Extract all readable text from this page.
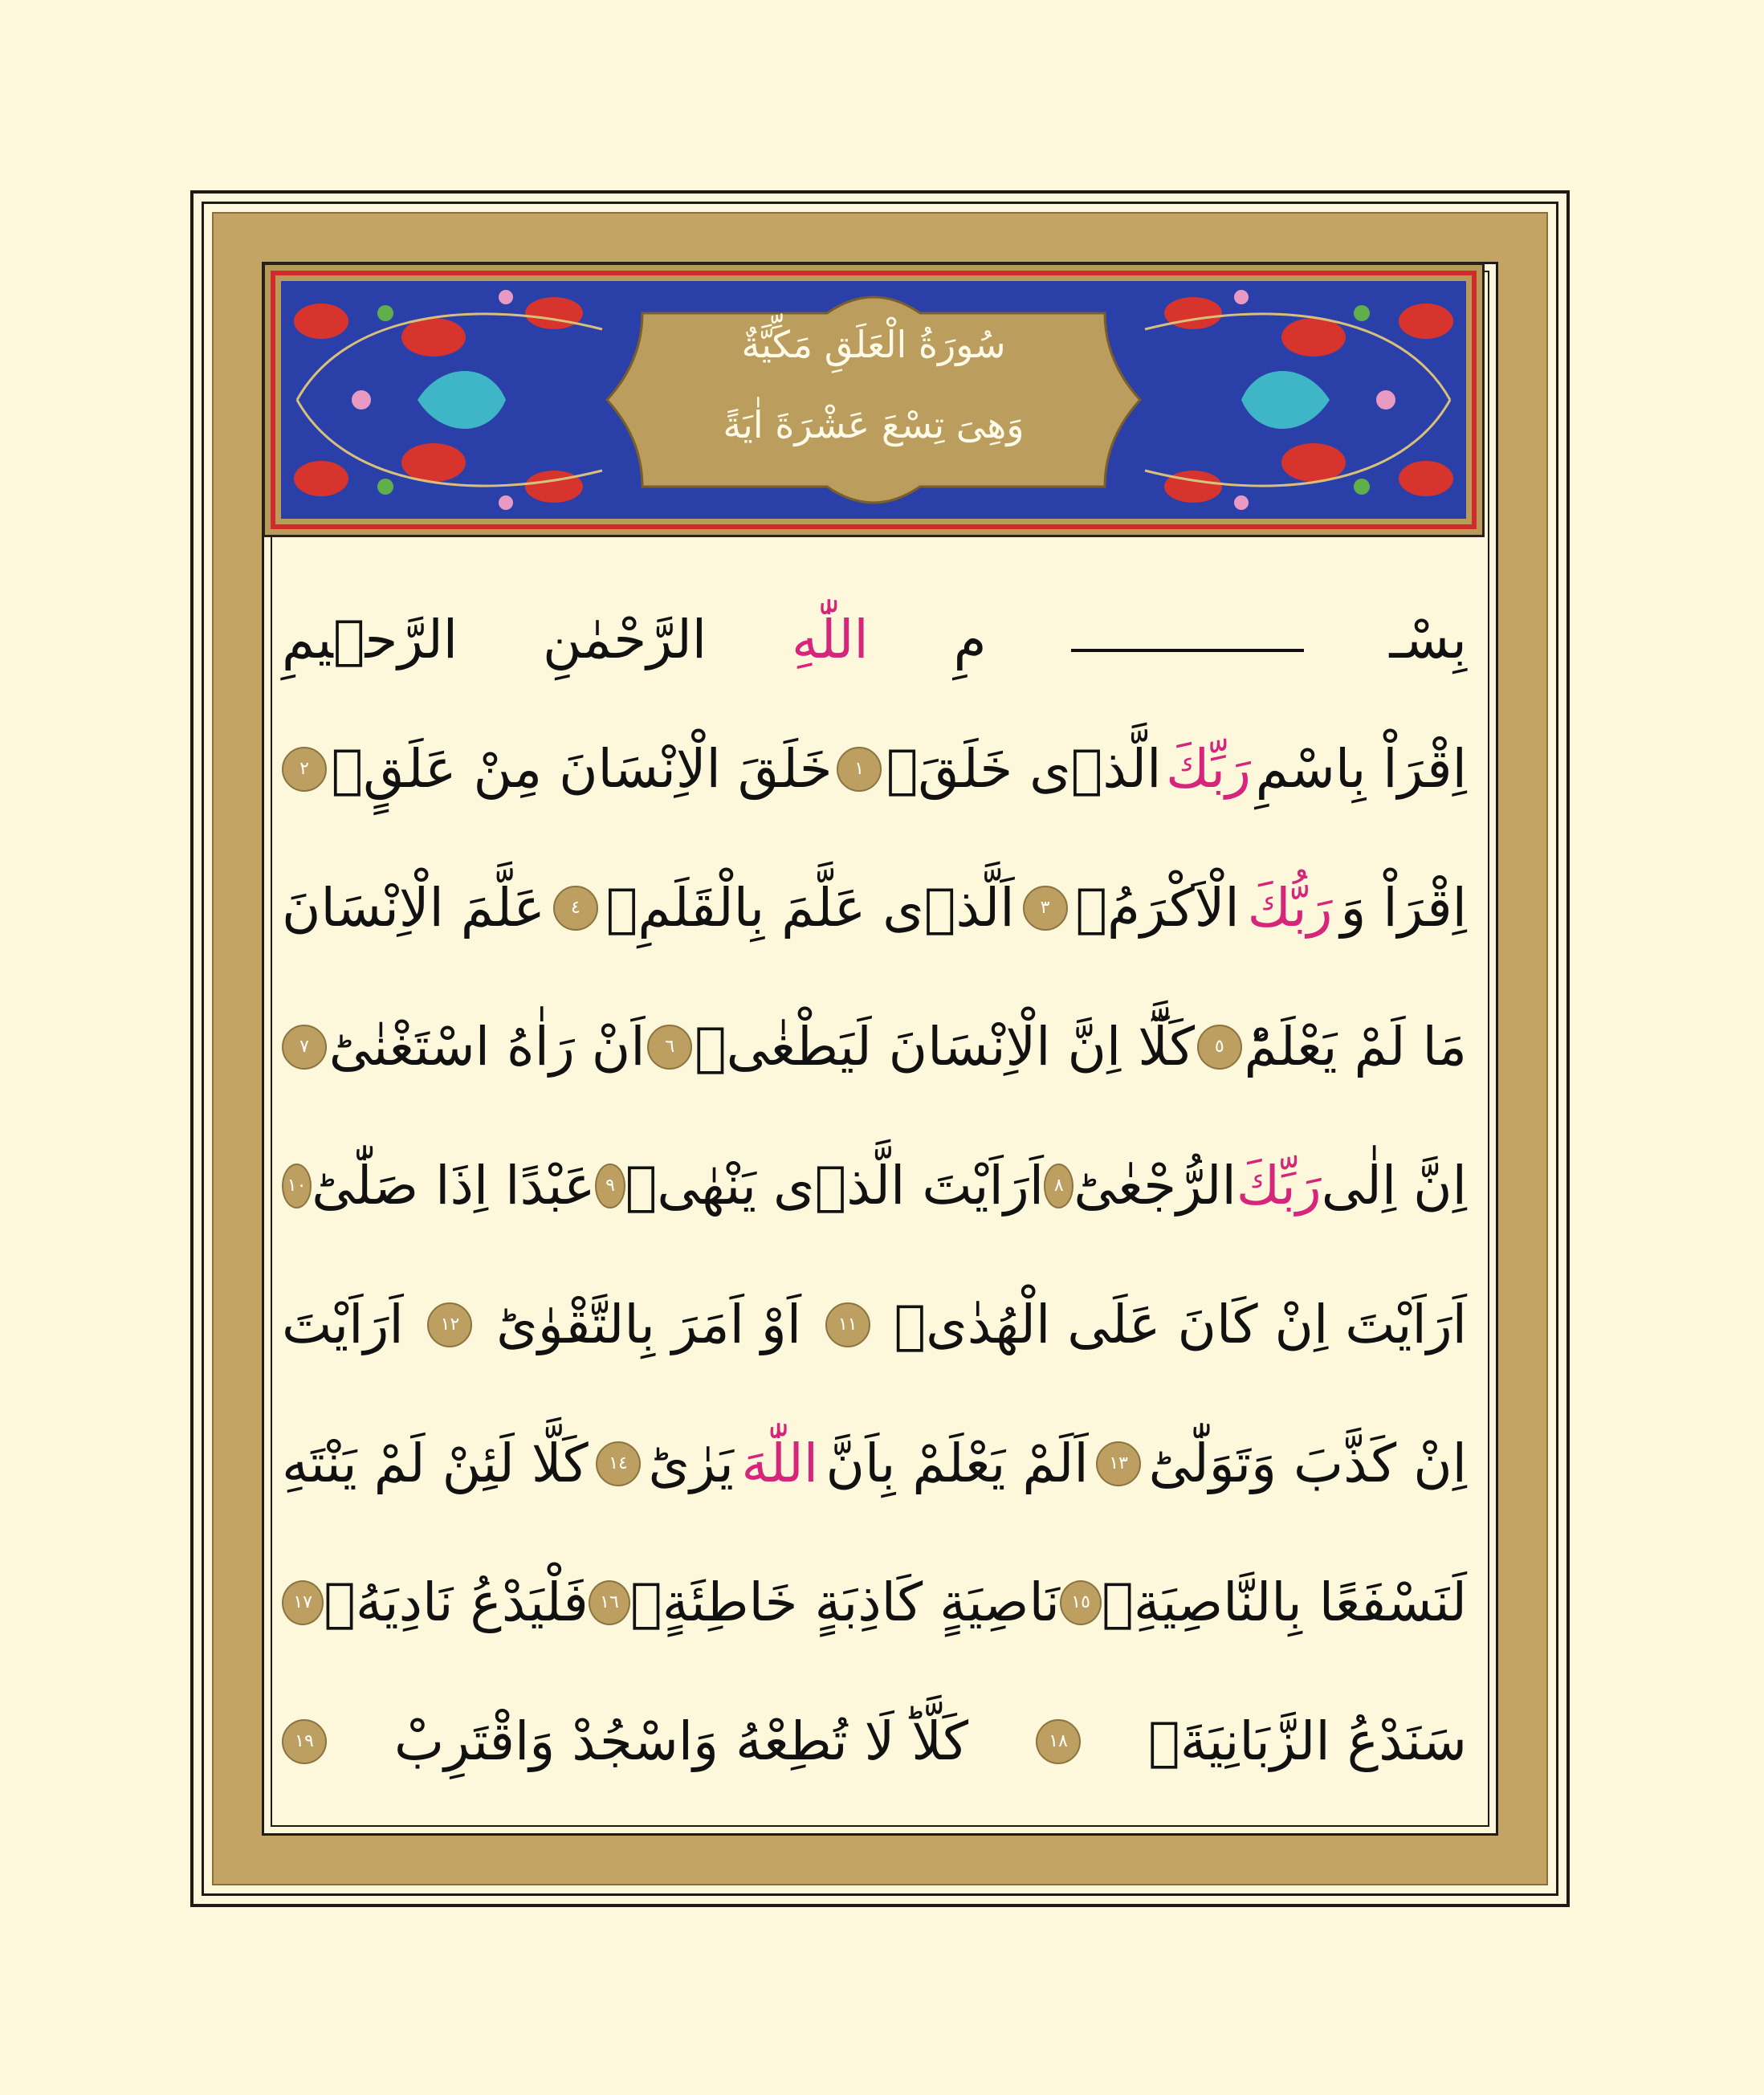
سُورَةُ الْعَلَقِ مَكِّيَّةٌ
وَهِىَ تِسْعَ عَشْرَةَ اٰيَةً
بِسْـ
مِ
اللّٰهِ
الرَّحْمٰنِ
الرَّح۪يمِ
اِقْرَاْ بِاسْمِ
رَبِّكَ
الَّذ۪ى خَلَقَۚ
١
خَلَقَ الْاِنْسَانَ مِنْ عَلَقٍۚ
٢
اِقْرَاْ وَ
رَبُّكَ
الْاَكْرَمُۙ
٣
اَلَّذ۪ى عَلَّمَ بِالْقَلَمِۙ
٤
عَلَّمَ الْاِنْسَانَ
مَا لَمْ يَعْلَمْؕ
٥
كَلَّٓا اِنَّ الْاِنْسَانَ لَيَطْغٰىۙ
٦
اَنْ رَاٰهُ اسْتَغْنٰىؕ
٧
اِنَّ اِلٰى
رَبِّكَ
الرُّجْعٰىؕ
٨
اَرَاَيْتَ الَّذ۪ى يَنْهٰىۙ
٩
عَبْدًا اِذَا صَلّٰىؕ
١٠
اَرَاَيْتَ اِنْ كَانَ عَلَى الْهُدٰىۙ
١١
اَوْ اَمَرَ بِالتَّقْوٰىؕ
١٢
اَرَاَيْتَ
اِنْ كَذَّبَ وَتَوَلّٰىؕ
١٣
اَلَمْ يَعْلَمْ بِاَنَّ
اللّٰهَ
يَرٰىؕ
١٤
كَلَّا لَئِنْ لَمْ يَنْتَهِ
لَنَسْفَعًا بِالنَّاصِيَةِۙ
١٥
نَاصِيَةٍ كَاذِبَةٍ خَاطِئَةٍۚ
١٦
فَلْيَدْعُ نَادِيَهُۙ
١٧
سَنَدْعُ الزَّبَانِيَةَۙ
١٨
كَلَّاؕ لَا تُطِعْهُ وَاسْجُدْ وَاقْتَرِبْ
١٩
